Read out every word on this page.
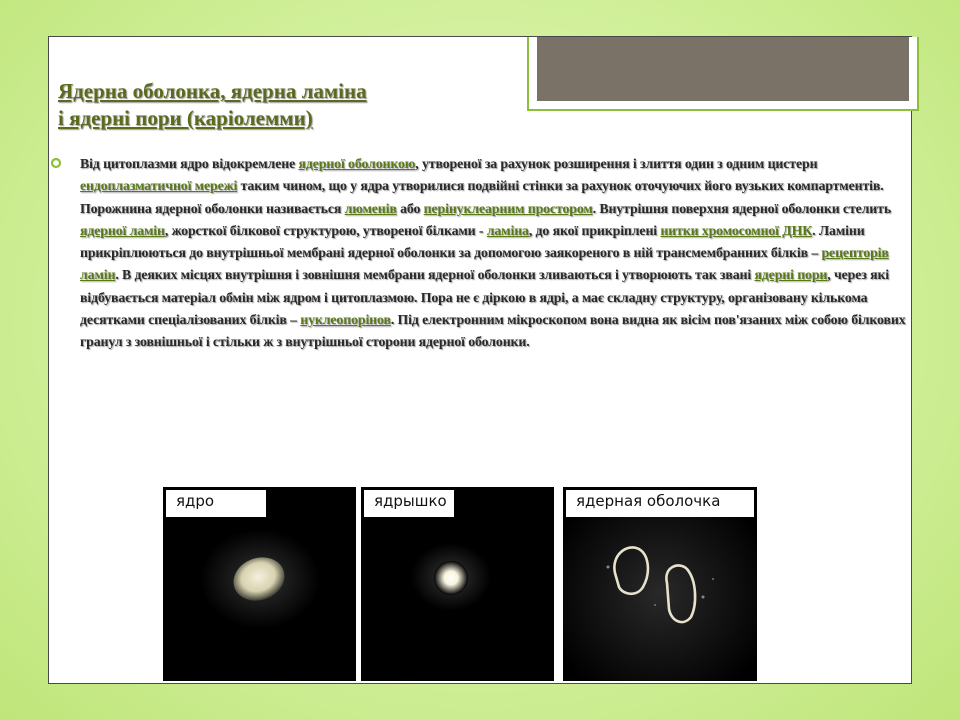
Ядерна оболонка, ядерна ламіна
і ядерні пори (каріолемми)
Від цитоплазми ядро відокремлене ядерної оболонкою, утвореної за рахунок розширення і злиття один з одним цистерн ендоплазматичної мережі таким чином, що у ядра утворилися подвійні стінки за рахунок оточуючих його вузьких компартментів. Порожнина ядерної оболонки називається люменів або перінуклеарним простором. Внутрішня поверхня ядерної оболонки стелить ядерної ламін, жорсткої білкової структурою, утвореної білками - ламіна, до якої прикріплені нитки хромосомної ДНК. Ламіни прикріплюються до внутрішньої мембрані ядерної оболонки за допомогою заякореного в ній трансмембранних білків – рецепторів ламін. В деяких місцях внутрішня і зовнішня мембрани ядерної оболонки зливаються і утворюють так звані ядерні пори, через які відбувається матеріал обмін між ядром і цитоплазмою. Пора не є діркою в ядрі, а має складну структуру, організовану кількома десятками спеціалізованих білків – нуклеопорінов. Під електронним мікроскопом вона видна як вісім пов'язаних між собою білкових гранул з зовнішньої і стільки ж з внутрішньої сторони ядерної оболонки.
ядро	ядрышко	ядерная оболочка
